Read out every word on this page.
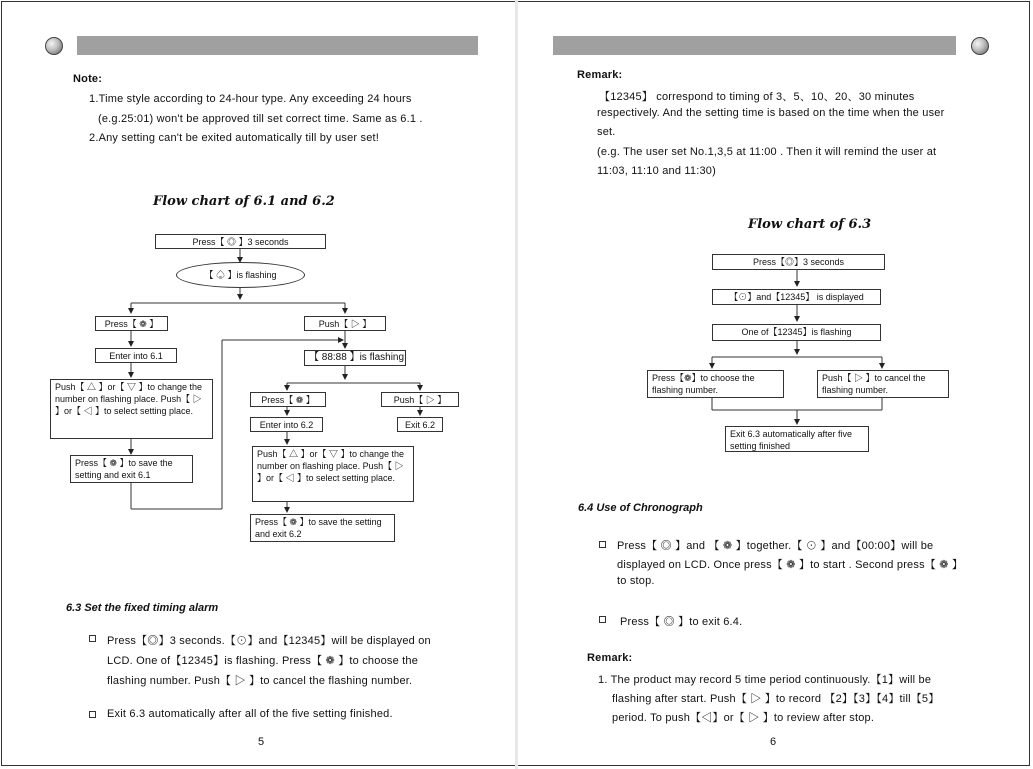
Note:
1.Time style according to 24-hour type. Any exceeding 24 hours
(e.g.25:01) won't be approved till set correct time. Same as 6.1 .
2.Any setting can't be exited automatically till by user set!
Flow chart of 6.1 and 6.2
Press【 ◎ 】3 seconds
【 ♤ 】is flashing
Press【 ❁ 】	Push【 ▷ 】
Enter into 6.1
Push【 △ 】or【 ▽ 】to change the number on flashing place. Push【 ▷ 】or【 ◁ 】to select setting place.
Press【 ❁ 】to save the setting and exit 6.1
【 88:88 】is flashing
Press【 ❁ 】	Push【 ▷ 】
Enter into 6.2	Exit 6.2
Push【 △ 】or【 ▽ 】to change the number on flashing place. Push【 ▷ 】or【 ◁ 】to select setting place.
Press【 ❁ 】to save the setting and exit 6.2
6.3 Set the fixed timing alarm
Press【◎】3 seconds.【⊙】and【12345】will be displayed on
LCD. One of【12345】is flashing. Press【 ❁ 】to choose the
flashing number. Push【 ▷ 】to cancel the flashing number.
Exit 6.3 automatically after all of the five setting finished.
5
Remark:
【12345】 correspond to timing of 3、5、10、20、30 minutes
respectively. And the setting time is based on the time when the user
set.
(e.g. The user set No.1,3,5 at 11:00 . Then it will remind the user at
11:03, 11:10 and 11:30)
Flow chart of 6.3
Press【◎】3 seconds
【⊙】and【12345】 is displayed
One of【12345】is flashing
Press【❁】to choose the flashing number.
Push【 ▷ 】to cancel the flashing number.
Exit 6.3 automatically after five setting finished
6.4 Use of Chronograph
Press【 ◎ 】and 【 ❁ 】together.【 ⊙ 】and【00:00】will be
displayed on LCD. Once press【 ❁ 】to start . Second press【 ❁ 】
to stop.
Press【 ◎ 】to exit 6.4.
Remark:
1. The product may record 5 time period continuously.【1】will be
flashing after start. Push【 ▷ 】to record 【2】【3】【4】till【5】
period. To push【◁】or【 ▷ 】to review after stop.
6
